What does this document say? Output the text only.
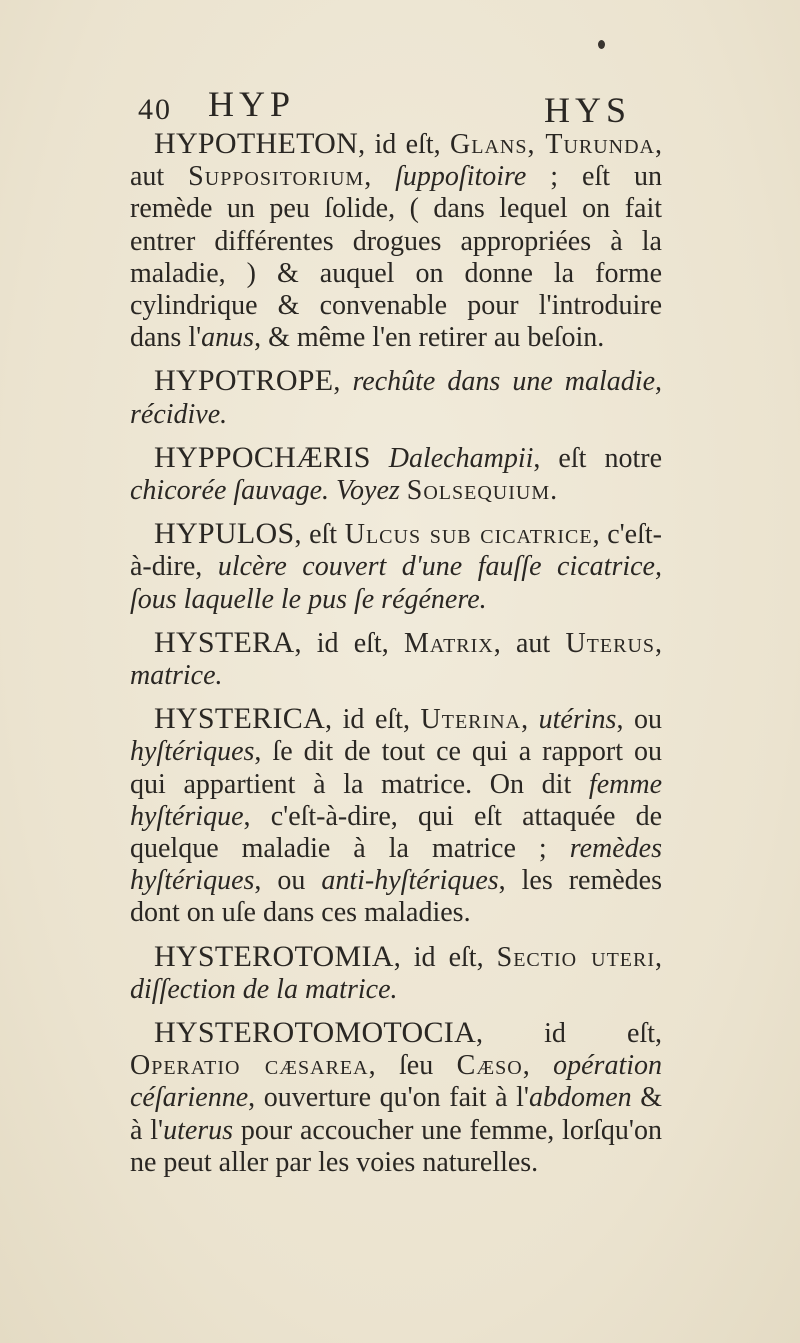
40 HYP	HYS

HYPOTHETON, id eſt, Glans, Turunda, aut Suppositorium, ſuppoſitoire ; eſt un remède un peu ſolide, ( dans lequel on fait entrer différentes drogues appropriées à la maladie, ) & auquel on donne la forme cylindrique & convenable pour l'introduire dans l'anus, & même l'en retirer au beſoin.

HYPOTROPE, rechûte dans une maladie, récidive.

HYPPOCHÆRIS Dalechampii, eſt notre chicorée ſauvage. Voyez Solsequium.

HYPULOS, eſt Ulcus sub cicatrice, c'eſt-à-dire, ulcère couvert d'une fauſſe cicatrice, ſous laquelle le pus ſe régénere.

HYSTERA, id eſt, Matrix, aut Uterus, matrice.

HYSTERICA, id eſt, Uterina, utérins, ou hyſtériques, ſe dit de tout ce qui a rapport ou qui appartient à la matrice. On dit femme hyſtérique, c'eſt-à-dire, qui eſt attaquée de quelque maladie à la matrice ; remèdes hyſtériques, ou anti-hyſtériques, les remèdes dont on uſe dans ces maladies.

HYSTEROTOMIA, id eſt, Sectio uteri, diſſection de la matrice.

HYSTEROTOMOTOCIA, id eſt, Operatio cæsarea, ſeu Cæso, opération céſarienne, ouverture qu'on fait à l'abdomen & à l'uterus pour accoucher une femme, lorſqu'on ne peut aller par les voies naturelles.
